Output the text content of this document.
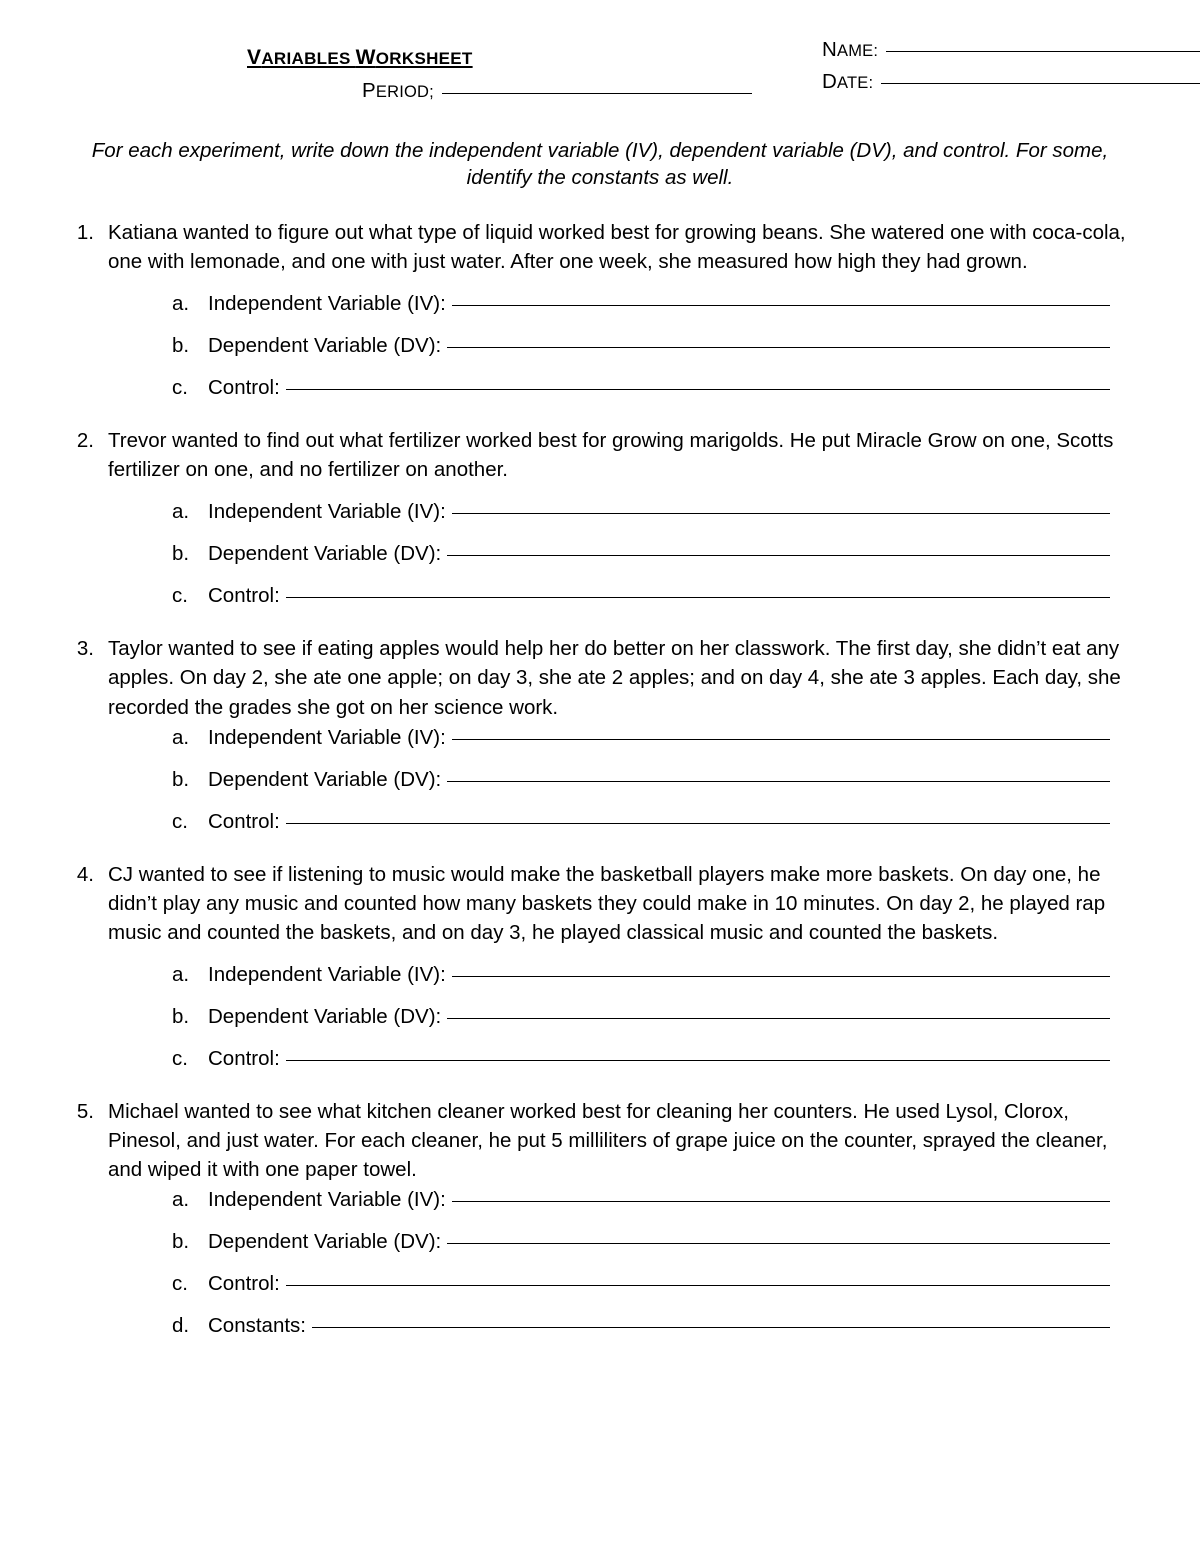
NAME:
DATE:
VARIABLES WORKSHEET
PERIOD;
For each experiment, write down the independent variable (IV), dependent variable (DV), and control. For some, identify the constants as well.
1. Katiana wanted to figure out what type of liquid worked best for growing beans. She watered one with coca-cola, one with lemonade, and one with just water. After one week, she measured how high they had grown.
a. Independent Variable (IV):
b. Dependent Variable (DV):
c. Control:
2. Trevor wanted to find out what fertilizer worked best for growing marigolds. He put Miracle Grow on one, Scotts fertilizer on one, and no fertilizer on another.
a. Independent Variable (IV):
b. Dependent Variable (DV):
c. Control:
3. Taylor wanted to see if eating apples would help her do better on her classwork. The first day, she didn’t eat any apples. On day 2, she ate one apple; on day 3, she ate 2 apples; and on day 4, she ate 3 apples. Each day, she recorded the grades she got on her science work.
a. Independent Variable (IV):
b. Dependent Variable (DV):
c. Control:
4. CJ wanted to see if listening to music would make the basketball players make more baskets. On day one, he didn’t play any music and counted how many baskets they could make in 10 minutes. On day 2, he played rap music and counted the baskets, and on day 3, he played classical music and counted the baskets.
a. Independent Variable (IV):
b. Dependent Variable (DV):
c. Control:
5. Michael wanted to see what kitchen cleaner worked best for cleaning her counters. He used Lysol, Clorox, Pinesol, and just water. For each cleaner, he put 5 milliliters of grape juice on the counter, sprayed the cleaner, and wiped it with one paper towel.
a. Independent Variable (IV):
b. Dependent Variable (DV):
c. Control:
d. Constants:
